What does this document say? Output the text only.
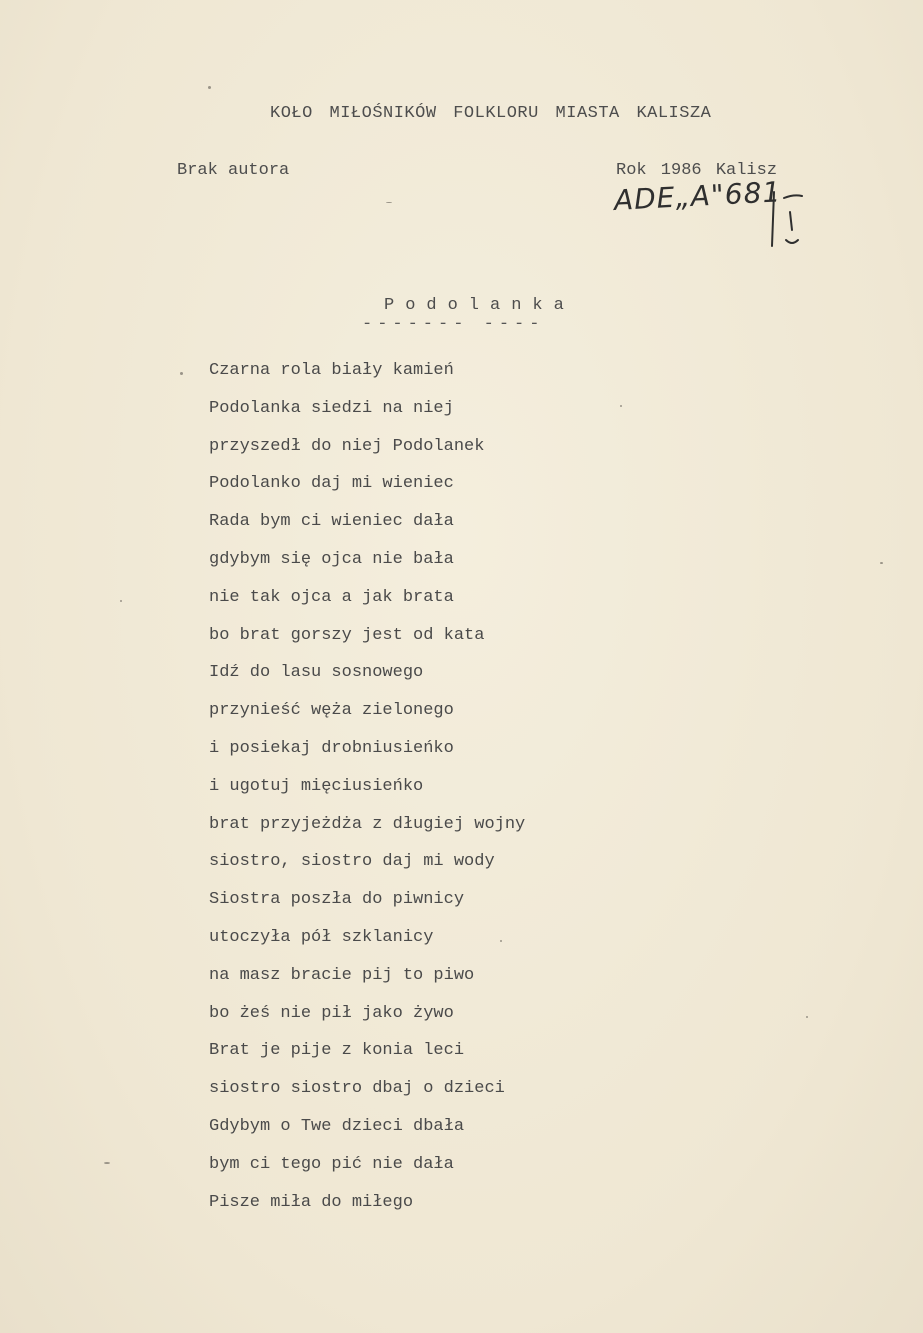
KOŁO MIŁOŚNIKÓW FOLKLORU MIASTA KALISZA
Brak autora	Rok 1986 Kalisz
ADE„A"681
Podolanka
------- ----
Czarna rola biały kamień
Podolanka siedzi na niej
przyszedł do niej Podolanek
Podolanko daj mi wieniec
Rada bym ci wieniec dała
gdybym się ojca nie bała
nie tak ojca a jak brata
bo brat gorszy jest od kata
Idź do lasu sosnowego
przynieść węża zielonego
i posiekaj drobniusieńko
i ugotuj mięciusieńko
brat przyjeżdża z długiej wojny
siostro, siostro daj mi wody
Siostra poszła do piwnicy
utoczyła pół szklanicy
na masz bracie pij to piwo
bo żeś nie pił jako żywo
Brat je pije z konia leci
siostro siostro dbaj o dzieci
Gdybym o Twe dzieci dbała
bym ci tego pić nie dała
Pisze miła do miłego
